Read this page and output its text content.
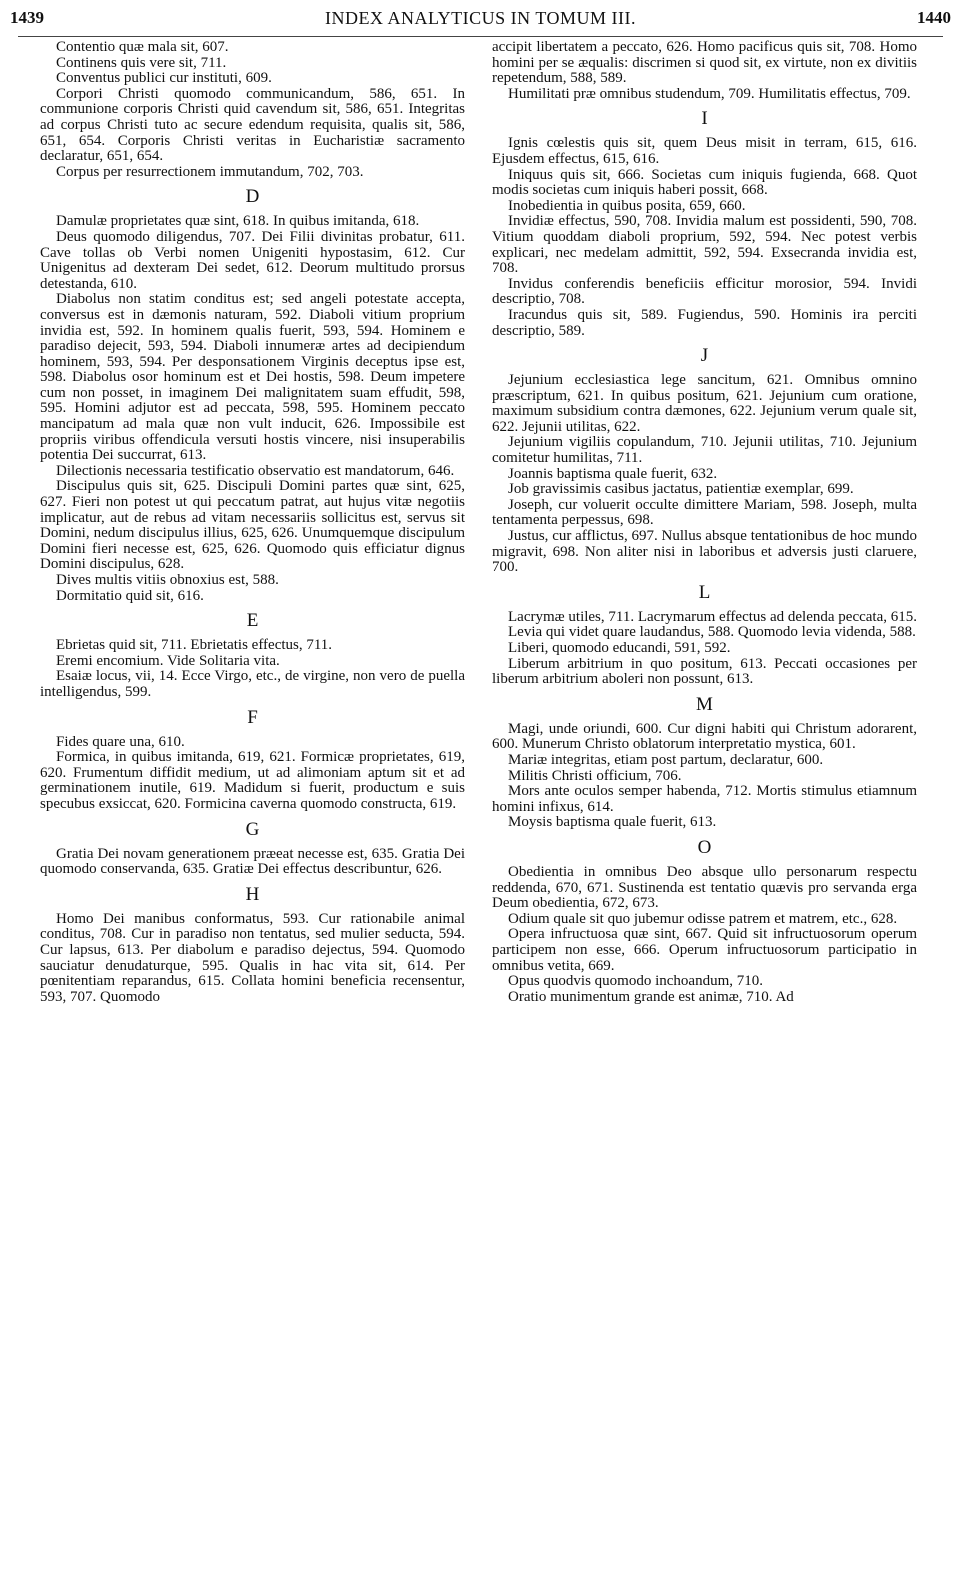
1439	INDEX ANALYTICUS IN TOMUM III.	1440

Contentio quæ mala sit, 607.

Continens quis vere sit, 711.

Conventus publici cur instituti, 609.

Corpori Christi quomodo communicandum, 586, 651. In communione corporis Christi quid cavendum sit, 586, 651. Integritas ad corpus Christi tuto ac secure edendum requisita, qualis sit, 586, 651, 654. Corporis Christi veritas in Eucharistiæ sacramento declaratur, 651, 654.

Corpus per resurrectionem immutandum, 702, 703.

D

Damulæ proprietates quæ sint, 618. In quibus imitanda, 618.

Deus quomodo diligendus, 707. Dei Filii divinitas probatur, 611. Cave tollas ob Verbi nomen Unigeniti hypostasim, 612. Cur Unigenitus ad dexteram Dei sedet, 612. Deorum multitudo prorsus detestanda, 610.

Diabolus non statim conditus est; sed angeli potestate accepta, conversus est in dæmonis naturam, 592. Diaboli vitium proprium invidia est, 592. In hominem qualis fuerit, 593, 594. Hominem e paradiso dejecit, 593, 594. Diaboli innumeræ artes ad decipiendum hominem, 593, 594. Per desponsationem Virginis deceptus ipse est, 598. Diabolus osor hominum est et Dei hostis, 598. Deum impetere cum non posset, in imaginem Dei malignitatem suam effudit, 598, 595. Homini adjutor est ad peccata, 598, 595. Hominem peccato mancipatum ad mala quæ non vult inducit, 626. Impossibile est propriis viribus offendicula versuti hostis vincere, nisi insuperabilis potentia Dei succurrat, 613.

Dilectionis necessaria testificatio observatio est mandatorum, 646.

Discipulus quis sit, 625. Discipuli Domini partes quæ sint, 625, 627. Fieri non potest ut qui peccatum patrat, aut hujus vitæ negotiis implicatur, aut de rebus ad vitam necessariis sollicitus est, servus sit Domini, nedum discipulus illius, 625, 626. Unumquemque discipulum Domini fieri necesse est, 625, 626. Quomodo quis efficiatur dignus Domini discipulus, 628.

Dives multis vitiis obnoxius est, 588.

Dormitatio quid sit, 616.

E

Ebrietas quid sit, 711. Ebrietatis effectus, 711.

Eremi encomium. Vide Solitaria vita.

Esaiæ locus, vii, 14. Ecce Virgo, etc., de virgine, non vero de puella intelligendus, 599.

F

Fides quare una, 610.

Formica, in quibus imitanda, 619, 621. Formicæ proprietates, 619, 620. Frumentum diffidit medium, ut ad alimoniam aptum sit et ad germinationem inutile, 619. Madidum si fuerit, productum e suis specubus exsiccat, 620. Formicina caverna quomodo constructa, 619.

G

Gratia Dei novam generationem præeat necesse est, 635. Gratia Dei quomodo conservanda, 635. Gratiæ Dei effectus describuntur, 626.

H

Homo Dei manibus conformatus, 593. Cur rationabile animal conditus, 708. Cur in paradiso non tentatus, sed mulier seducta, 594. Cur lapsus, 613. Per diabolum e paradiso dejectus, 594. Quomodo sauciatur denudaturque, 595. Qualis in hac vita sit, 614. Per pœnitentiam reparandus, 615. Collata homini beneficia recensentur, 593, 707. Quomodo

accipit libertatem a peccato, 626. Homo pacificus quis sit, 708. Homo homini per se æqualis: discrimen si quod sit, ex virtute, non ex divitiis repetendum, 588, 589.

Humilitati præ omnibus studendum, 709. Humilitatis effectus, 709.

I

Ignis cœlestis quis sit, quem Deus misit in terram, 615, 616. Ejusdem effectus, 615, 616.

Iniquus quis sit, 666. Societas cum iniquis fugienda, 668. Quot modis societas cum iniquis haberi possit, 668.

Inobedientia in quibus posita, 659, 660.

Invidiæ effectus, 590, 708. Invidia malum est possidenti, 590, 708. Vitium quoddam diaboli proprium, 592, 594. Nec potest verbis explicari, nec medelam admittit, 592, 594. Exsecranda invidia est, 708.

Invidus conferendis beneficiis efficitur morosior, 594. Invidi descriptio, 708.

Iracundus quis sit, 589. Fugiendus, 590. Hominis ira perciti descriptio, 589.

J

Jejunium ecclesiastica lege sancitum, 621. Omnibus omnino præscriptum, 621. In quibus positum, 621. Jejunium cum oratione, maximum subsidium contra dæmones, 622. Jejunium verum quale sit, 622. Jejunii utilitas, 622.

Jejunium vigiliis copulandum, 710. Jejunii utilitas, 710. Jejunium comitetur humilitas, 711.

Joannis baptisma quale fuerit, 632.

Job gravissimis casibus jactatus, patientiæ exemplar, 699.

Joseph, cur voluerit occulte dimittere Mariam, 598. Joseph, multa tentamenta perpessus, 698.

Justus, cur afflictus, 697. Nullus absque tentationibus de hoc mundo migravit, 698. Non aliter nisi in laboribus et adversis justi claruere, 700.

L

Lacrymæ utiles, 711. Lacrymarum effectus ad delenda peccata, 615.

Levia qui videt quare laudandus, 588. Quomodo levia videnda, 588.

Liberi, quomodo educandi, 591, 592.

Liberum arbitrium in quo positum, 613. Peccati occasiones per liberum arbitrium aboleri non possunt, 613.

M

Magi, unde oriundi, 600. Cur digni habiti qui Christum adorarent, 600. Munerum Christo oblatorum interpretatio mystica, 601.

Mariæ integritas, etiam post partum, declaratur, 600.

Militis Christi officium, 706.

Mors ante oculos semper habenda, 712. Mortis stimulus etiamnum homini infixus, 614.

Moysis baptisma quale fuerit, 613.

O

Obedientia in omnibus Deo absque ullo personarum respectu reddenda, 670, 671. Sustinenda est tentatio quævis pro servanda erga Deum obedientia, 672, 673.

Odium quale sit quo jubemur odisse patrem et matrem, etc., 628.

Opera infructuosa quæ sint, 667. Quid sit infructuosorum operum participem non esse, 666. Operum infructuosorum participatio in omnibus vetita, 669.

Opus quodvis quomodo inchoandum, 710.

Oratio munimentum grande est animæ, 710. Ad
